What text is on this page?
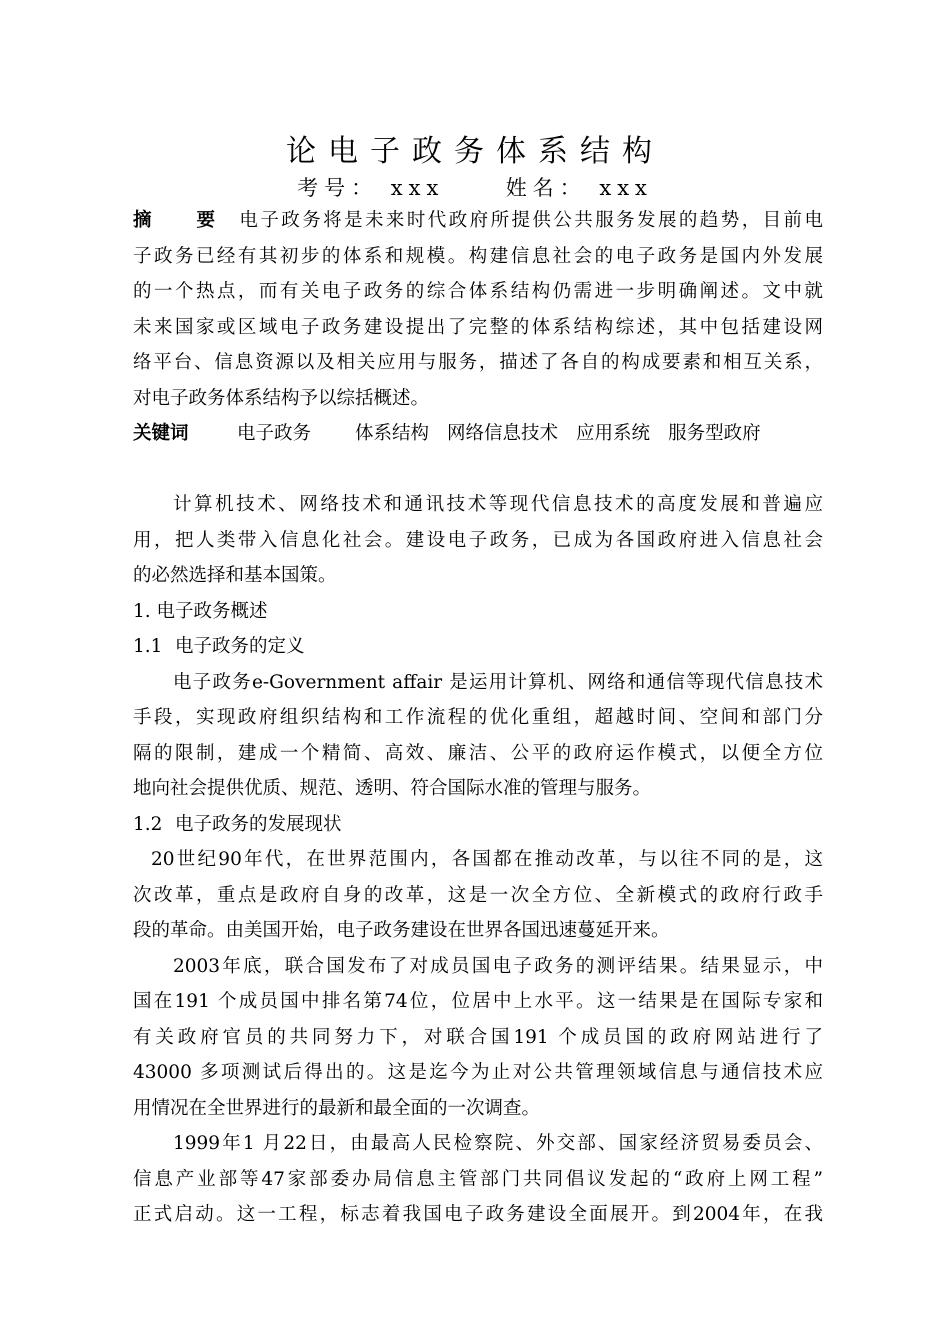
论电子政务体系结构
考号： xxx	姓名： xxx
摘要电子政务将是未来时代政府所提供公共服务发展的趋势，目前电
子政务已经有其初步的体系和规模。构建信息社会的电子政务是国内外发展
的一个热点，而有关电子政务的综合体系结构仍需进一步明确阐述。文中就
未来国家或区域电子政务建设提出了完整的体系结构综述，其中包括建设网
络平台、信息资源以及相关应用与服务，描述了各自的构成要素和相互关系，
对电子政务体系结构予以综括概述。
关键词	电子政务 体系结构 网络信息技术 应用系统 服务型政府
计算机技术、网络技术和通讯技术等现代信息技术的高度发展和普遍应
用，把人类带入信息化社会。建设电子政务，已成为各国政府进入信息社会
的必然选择和基本国策。
1. 电子政务概述
1.1 电子政务的定义
电子政务e-Government affair 是运用计算机、网络和通信等现代信息技术
手段，实现政府组织结构和工作流程的优化重组，超越时间、空间和部门分
隔的限制，建成一个精简、高效、廉洁、公平的政府运作模式，以便全方位
地向社会提供优质、规范、透明、符合国际水准的管理与服务。
1.2 电子政务的发展现状
20世纪90年代，在世界范围内，各国都在推动改革，与以往不同的是，这
次改革，重点是政府自身的改革，这是一次全方位、全新模式的政府行政手
段的革命。由美国开始，电子政务建设在世界各国迅速蔓延开来。
2003年底，联合国发布了对成员国电子政务的测评结果。结果显示，中
国在191 个成员国中排名第74位，位居中上水平。这一结果是在国际专家和
有关政府官员的共同努力下，对联合国191 个成员国的政府网站进行了
43000 多项测试后得出的。这是迄今为止对公共管理领域信息与通信技术应
用情况在全世界进行的最新和最全面的一次调查。
1999年1 月22日，由最高人民检察院、外交部、国家经济贸易委员会、
信息产业部等47家部委办局信息主管部门共同倡议发起的“政府上网工程”
正式启动。这一工程，标志着我国电子政务建设全面展开。到2004年，在我
